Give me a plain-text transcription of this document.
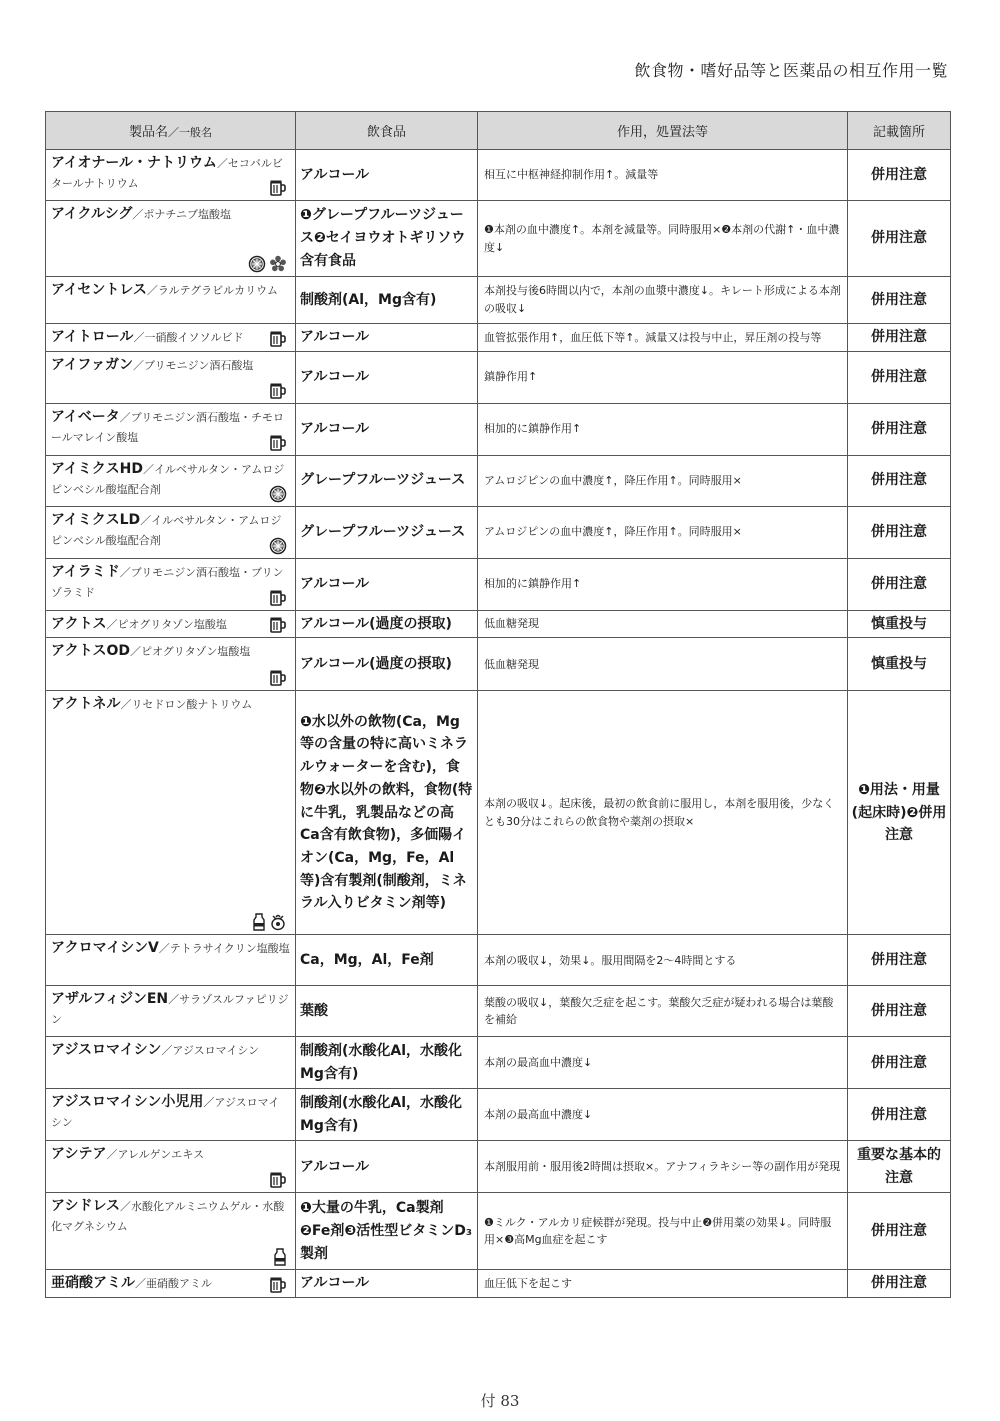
飲食物・嗜好品等と医薬品の相互作用一覧
製品名／一般名	飲食品	作用，処置法等	記載箇所
アイオナール・ナトリウム／セコバルビタールナトリウム	アルコール	相互に中枢神経抑制作用↑。減量等	併用注意
アイクルシグ／ポナチニブ塩酸塩	❶グレープフルーツジュース❷セイヨウオトギリソウ含有食品	❶本剤の血中濃度↑。本剤を減量等。同時服用×❷本剤の代謝↑・血中濃度↓	併用注意
アイセントレス／ラルテグラビルカリウム	制酸剤(Al，Mg含有)	本剤投与後6時間以内で，本剤の血漿中濃度↓。キレート形成による本剤の吸収↓	併用注意
アイトロール／一硝酸イソソルビド	アルコール	血管拡張作用↑，血圧低下等↑。減量又は投与中止，昇圧剤の投与等	併用注意
アイファガン／ブリモニジン酒石酸塩	アルコール	鎮静作用↑	併用注意
アイベータ／ブリモニジン酒石酸塩・チモロールマレイン酸塩	アルコール	相加的に鎮静作用↑	併用注意
アイミクスHD／イルベサルタン・アムロジピンベシル酸塩配合剤	グレープフルーツジュース	アムロジピンの血中濃度↑，降圧作用↑。同時服用×	併用注意
アイミクスLD／イルベサルタン・アムロジピンベシル酸塩配合剤	グレープフルーツジュース	アムロジピンの血中濃度↑，降圧作用↑。同時服用×	併用注意
アイラミド／ブリモニジン酒石酸塩・ブリンゾラミド	アルコール	相加的に鎮静作用↑	併用注意
アクトス／ピオグリタゾン塩酸塩	アルコール(過度の摂取)	低血糖発現	慎重投与
アクトスOD／ピオグリタゾン塩酸塩	アルコール(過度の摂取)	低血糖発現	慎重投与
アクトネル／リセドロン酸ナトリウム	❶水以外の飲物(Ca，Mg等の含量の特に高いミネラルウォーターを含む)，食物❷水以外の飲料，食物(特に牛乳，乳製品などの高Ca含有飲食物)，多価陽イオン(Ca，Mg，Fe，Al等)含有製剤(制酸剤，ミネラル入りビタミン剤等)	本剤の吸収↓。起床後，最初の飲食前に服用し，本剤を服用後，少なくとも30分はこれらの飲食物や薬剤の摂取×	❶用法・用量(起床時)❷併用注意
アクロマイシンV／テトラサイクリン塩酸塩	Ca，Mg，Al，Fe剤	本剤の吸収↓，効果↓。服用間隔を2～4時間とする	併用注意
アザルフィジンEN／サラゾスルファピリジン	葉酸	葉酸の吸収↓，葉酸欠乏症を起こす。葉酸欠乏症が疑われる場合は葉酸を補給	併用注意
アジスロマイシン／アジスロマイシン	制酸剤(水酸化Al，水酸化Mg含有)	本剤の最高血中濃度↓	併用注意
アジスロマイシン小児用／アジスロマイシン	制酸剤(水酸化Al，水酸化Mg含有)	本剤の最高血中濃度↓	併用注意
アシテア／アレルゲンエキス	アルコール	本剤服用前・服用後2時間は摂取×。アナフィラキシー等の副作用が発現	重要な基本的注意
アシドレス／水酸化アルミニウムゲル・水酸化マグネシウム	❶大量の牛乳，Ca製剤❷Fe剤❸活性型ビタミンD₃製剤	❶ミルク・アルカリ症候群が発現。投与中止❷併用薬の効果↓。同時服用×❸高Mg血症を起こす	併用注意
亜硝酸アミル／亜硝酸アミル	アルコール	血圧低下を起こす	併用注意
付 83
